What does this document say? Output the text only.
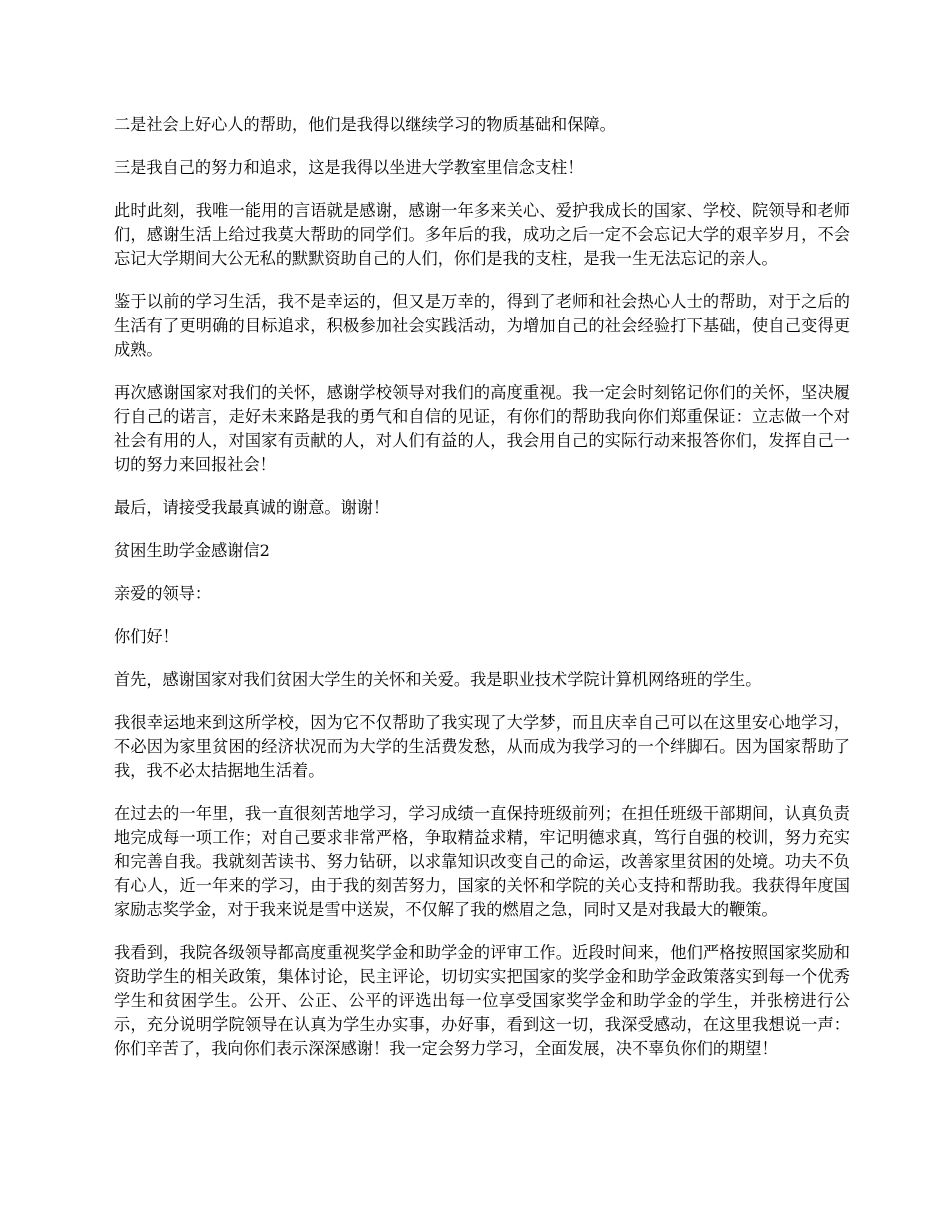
二是社会上好心人的帮助，他们是我得以继续学习的物质基础和保障。

三是我自己的努力和追求，这是我得以坐进大学教室里信念支柱！

此时此刻，我唯一能用的言语就是感谢，感谢一年多来关心、爱护我成长的国家、学校、院领导和老师们，感谢生活上给过我莫大帮助的同学们。多年后的我，成功之后一定不会忘记大学的艰辛岁月，不会忘记大学期间大公无私的默默资助自己的人们，你们是我的支柱，是我一生无法忘记的亲人。

鉴于以前的学习生活，我不是幸运的，但又是万幸的，得到了老师和社会热心人士的帮助，对于之后的生活有了更明确的目标追求，积极参加社会实践活动，为增加自己的社会经验打下基础，使自己变得更成熟。

再次感谢国家对我们的关怀，感谢学校领导对我们的高度重视。我一定会时刻铭记你们的关怀，坚决履行自己的诺言，走好未来路是我的勇气和自信的见证，有你们的帮助我向你们郑重保证：立志做一个对社会有用的人，对国家有贡献的人，对人们有益的人，我会用自己的实际行动来报答你们，发挥自己一切的努力来回报社会！

最后，请接受我最真诚的谢意。谢谢！

贫困生助学金感谢信2

亲爱的领导：

你们好！

首先，感谢国家对我们贫困大学生的关怀和关爱。我是职业技术学院计算机网络班的学生。

我很幸运地来到这所学校，因为它不仅帮助了我实现了大学梦，而且庆幸自己可以在这里安心地学习，不必因为家里贫困的经济状况而为大学的生活费发愁，从而成为我学习的一个绊脚石。因为国家帮助了我，我不必太拮据地生活着。

在过去的一年里，我一直很刻苦地学习，学习成绩一直保持班级前列；在担任班级干部期间，认真负责地完成每一项工作；对自己要求非常严格，争取精益求精，牢记明德求真，笃行自强的校训，努力充实和完善自我。我就刻苦读书、努力钻研，以求靠知识改变自己的命运，改善家里贫困的处境。功夫不负有心人，近一年来的学习，由于我的刻苦努力，国家的关怀和学院的关心支持和帮助我。我获得年度国家励志奖学金，对于我来说是雪中送炭，不仅解了我的燃眉之急，同时又是对我最大的鞭策。

我看到，我院各级领导都高度重视奖学金和助学金的评审工作。近段时间来，他们严格按照国家奖励和资助学生的相关政策，集体讨论，民主评论，切切实实把国家的奖学金和助学金政策落实到每一个优秀学生和贫困学生。公开、公正、公平的评选出每一位享受国家奖学金和助学金的学生，并张榜进行公示，充分说明学院领导在认真为学生办实事，办好事，看到这一切，我深受感动，在这里我想说一声：你们辛苦了，我向你们表示深深感谢！我一定会努力学习，全面发展，决不辜负你们的期望！
